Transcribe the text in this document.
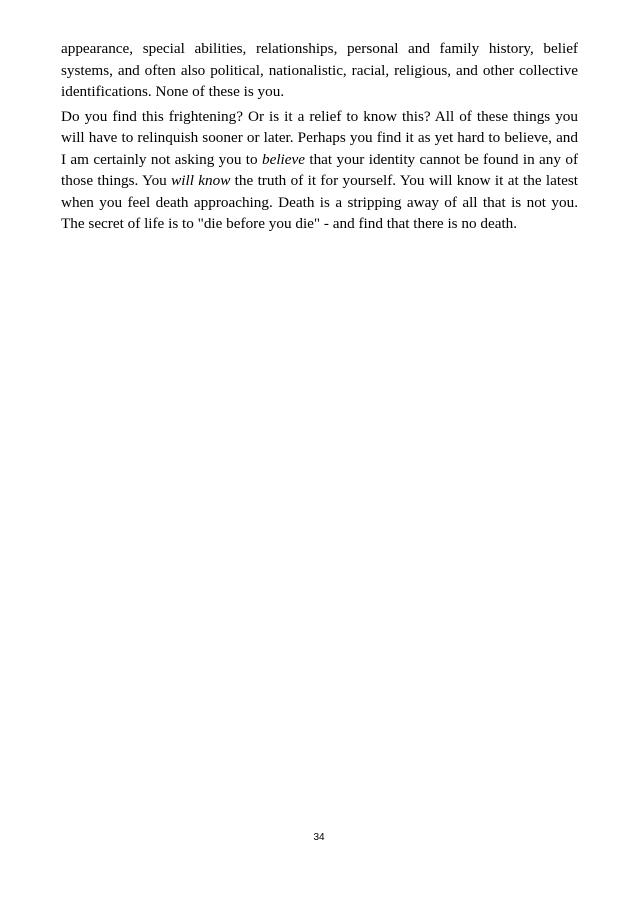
appearance, special abilities, relationships, personal and family history, belief systems, and often also political, nationalistic, racial, religious, and other collective identifications. None of these is you.

Do you find this frightening? Or is it a relief to know this? All of these things you will have to relinquish sooner or later. Perhaps you find it as yet hard to believe, and I am certainly not asking you to believe that your identity cannot be found in any of those things. You will know the truth of it for yourself. You will know it at the latest when you feel death approaching. Death is a stripping away of all that is not you. The secret of life is to "die before you die" - and find that there is no death.

34
